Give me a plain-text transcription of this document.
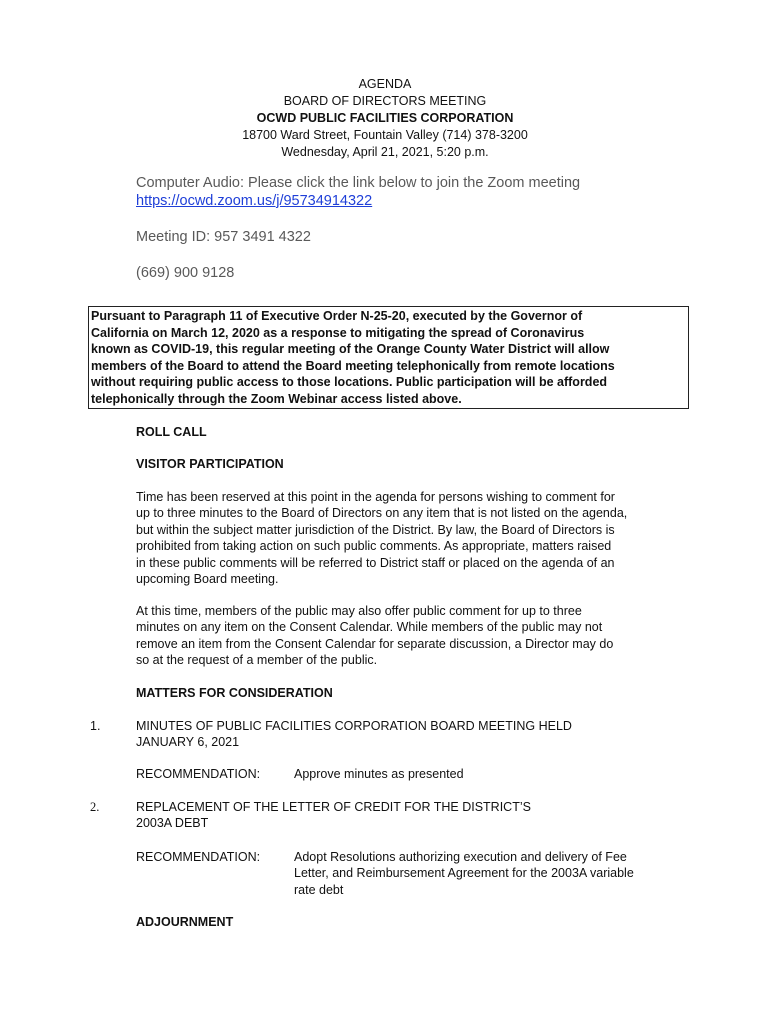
AGENDA
BOARD OF DIRECTORS MEETING
OCWD PUBLIC FACILITIES CORPORATION
18700 Ward Street, Fountain Valley (714) 378-3200
Wednesday, April 21, 2021, 5:20 p.m.
Computer Audio: Please click the link below to join the Zoom meeting
https://ocwd.zoom.us/j/95734914322
Meeting ID: 957 3491 4322
(669) 900 9128
Pursuant to Paragraph 11 of Executive Order N-25-20, executed by the Governor of
California on March 12, 2020 as a response to mitigating the spread of Coronavirus
known as COVID-19, this regular meeting of the Orange County Water District will allow
members of the Board to attend the Board meeting telephonically from remote locations
without requiring public access to those locations. Public participation will be afforded
telephonically through the Zoom Webinar access listed above.
ROLL CALL
VISITOR PARTICIPATION
Time has been reserved at this point in the agenda for persons wishing to comment for
up to three minutes to the Board of Directors on any item that is not listed on the agenda,
but within the subject matter jurisdiction of the District. By law, the Board of Directors is
prohibited from taking action on such public comments. As appropriate, matters raised
in these public comments will be referred to District staff or placed on the agenda of an
upcoming Board meeting.
At this time, members of the public may also offer public comment for up to three
minutes on any item on the Consent Calendar. While members of the public may not
remove an item from the Consent Calendar for separate discussion, a Director may do
so at the request of a member of the public.
MATTERS FOR CONSIDERATION
1.	MINUTES OF PUBLIC FACILITIES CORPORATION BOARD MEETING HELD
JANUARY 6, 2021
RECOMMENDATION:	Approve minutes as presented
2.	REPLACEMENT OF THE LETTER OF CREDIT FOR THE DISTRICT’S
2003A DEBT
RECOMMENDATION:	Adopt Resolutions authorizing execution and delivery of Fee
Letter, and Reimbursement Agreement for the 2003A variable
rate debt
ADJOURNMENT
